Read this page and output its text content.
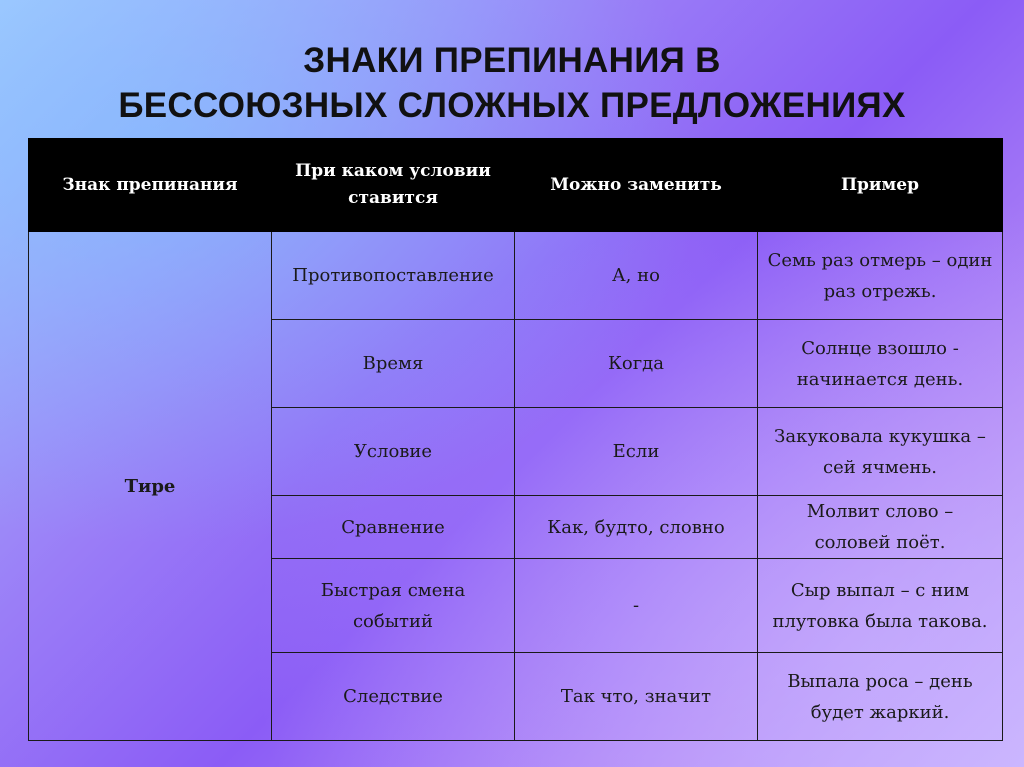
ЗНАКИ ПРЕПИНАНИЯ В
БЕССОЮЗНЫХ СЛОЖНЫХ ПРЕДЛОЖЕНИЯХ
Знак препинания	При каком условии ставится	Можно заменить	Пример
Тире	Противопоставление	А, но	Семь раз отмерь – один раз отрежь.
	Время	Когда	Солнце взошло - начинается день.
	Условие	Если	Закуковала кукушка – сей ячмень.
	Сравнение	Как, будто, словно	Молвит слово – соловей поёт.
	Быстрая смена событий	-	Сыр выпал – с ним плутовка была такова.
	Следствие	Так что, значит	Выпала роса – день будет жаркий.
